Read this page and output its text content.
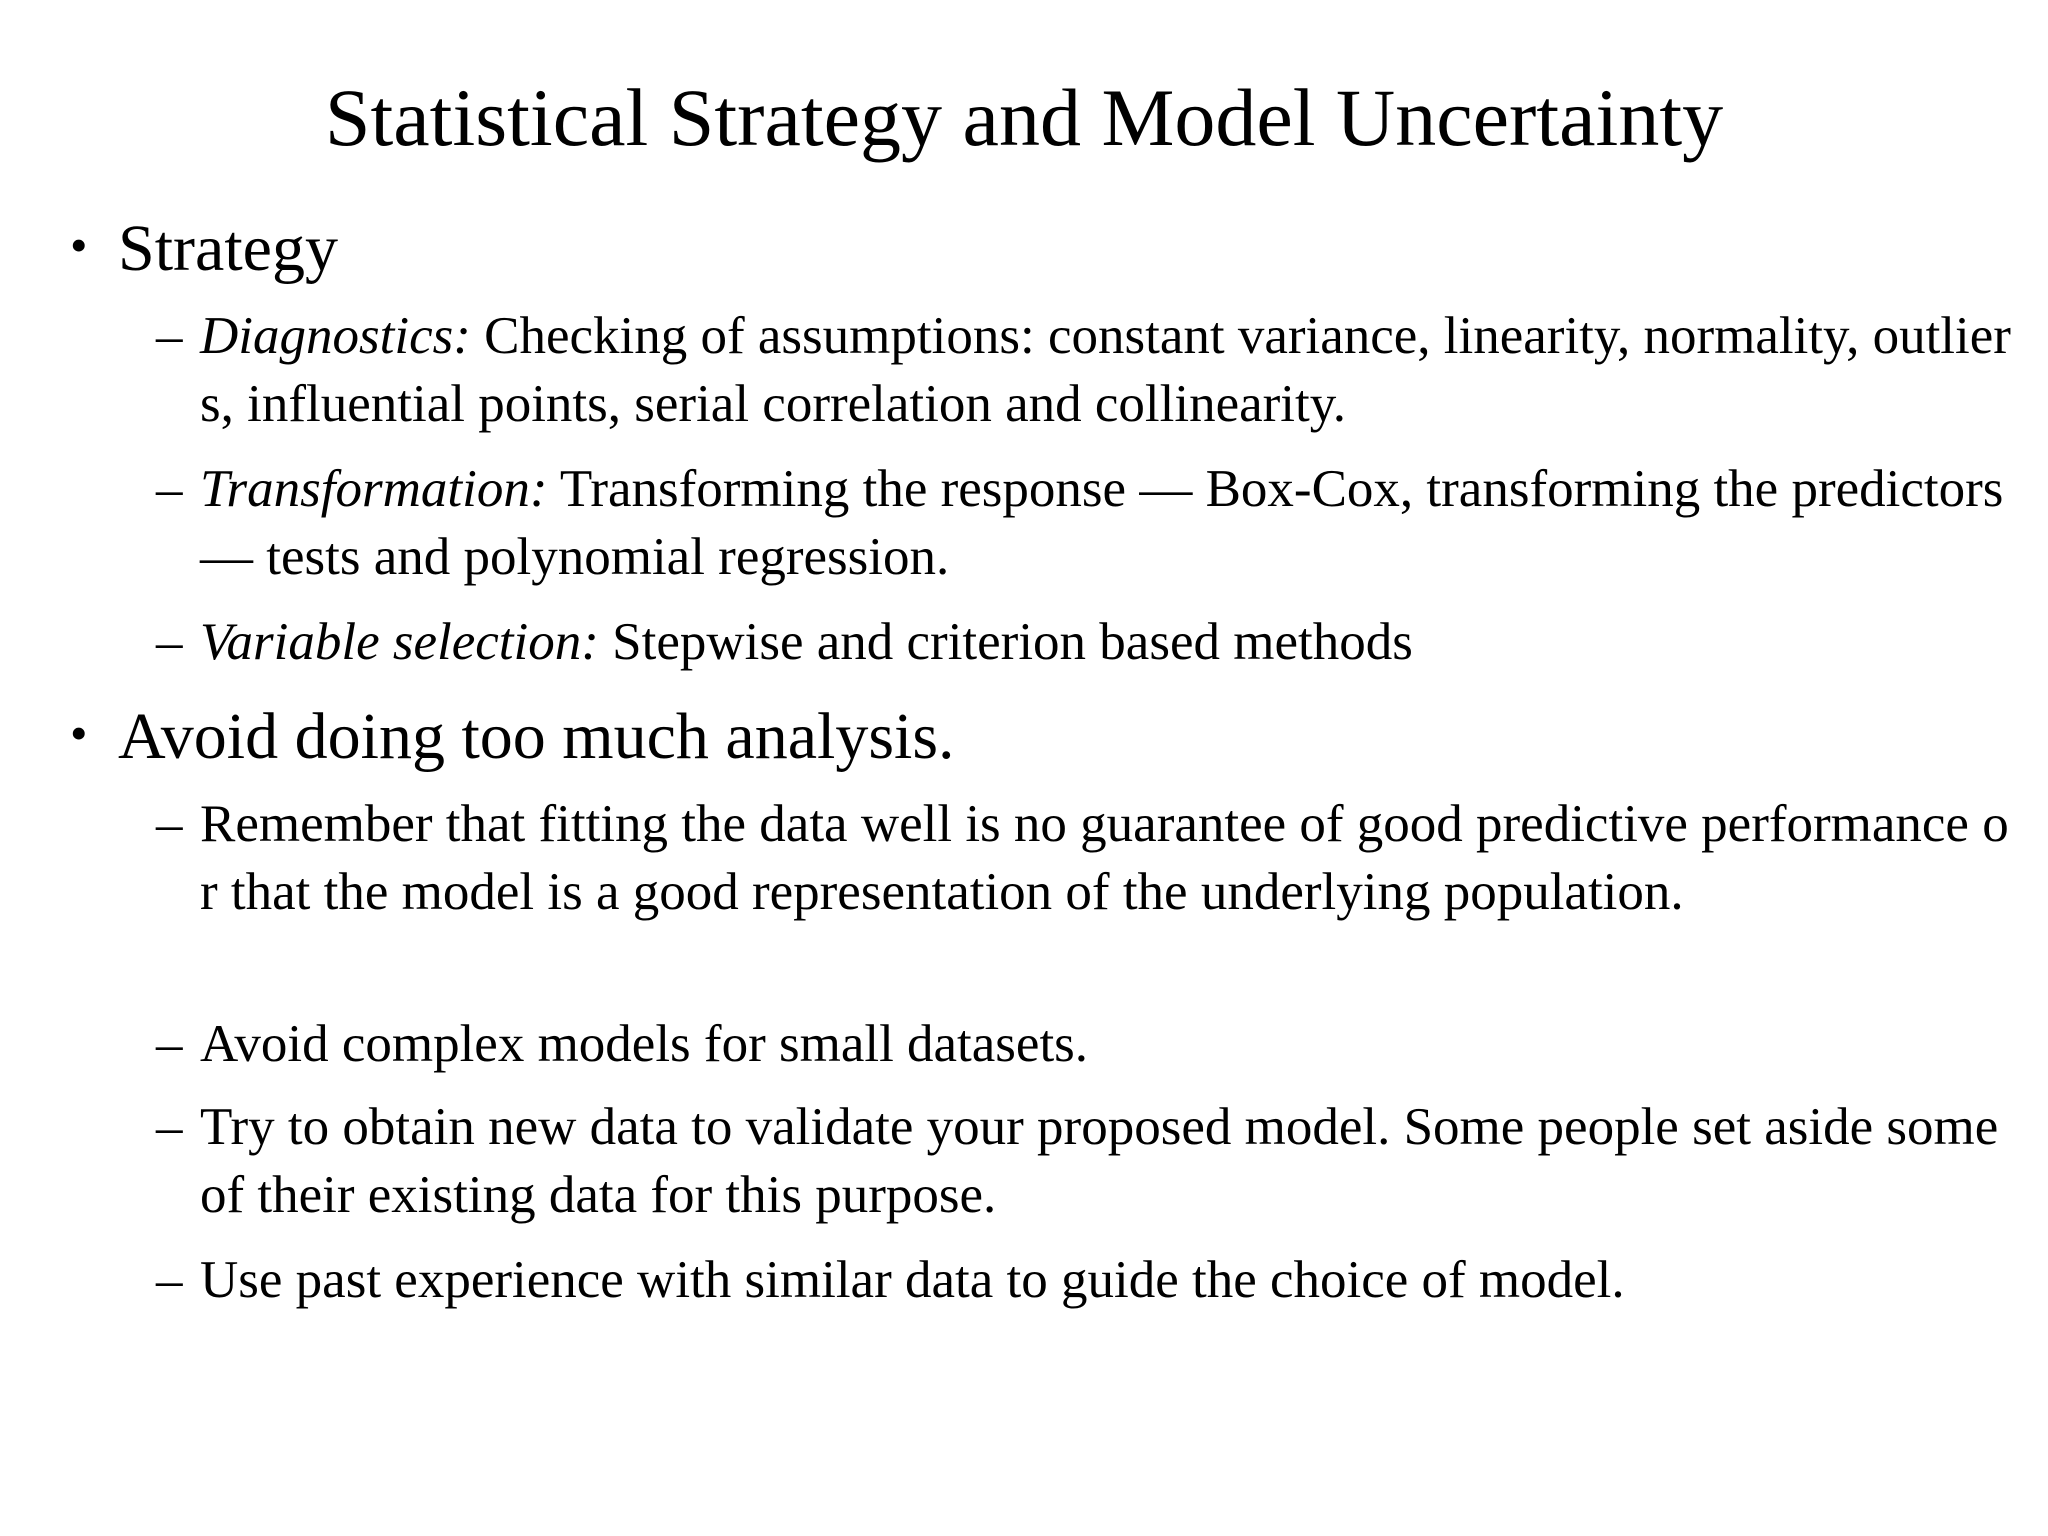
Statistical Strategy and Model Uncertainty
• Strategy
– Diagnostics: Checking of assumptions: constant variance, linearity, normality, outliers, influential points, serial correlation and collinearity.
– Transformation: Transforming the response — Box-Cox, transforming the predictors — tests and polynomial regression.
– Variable selection: Stepwise and criterion based methods
• Avoid doing too much analysis.
– Remember that fitting the data well is no guarantee of good predictive performance or that the model is a good representation of the underlying population.
– Avoid complex models for small datasets.
– Try to obtain new data to validate your proposed model. Some people set aside some of their existing data for this purpose.
– Use past experience with similar data to guide the choice of model.
